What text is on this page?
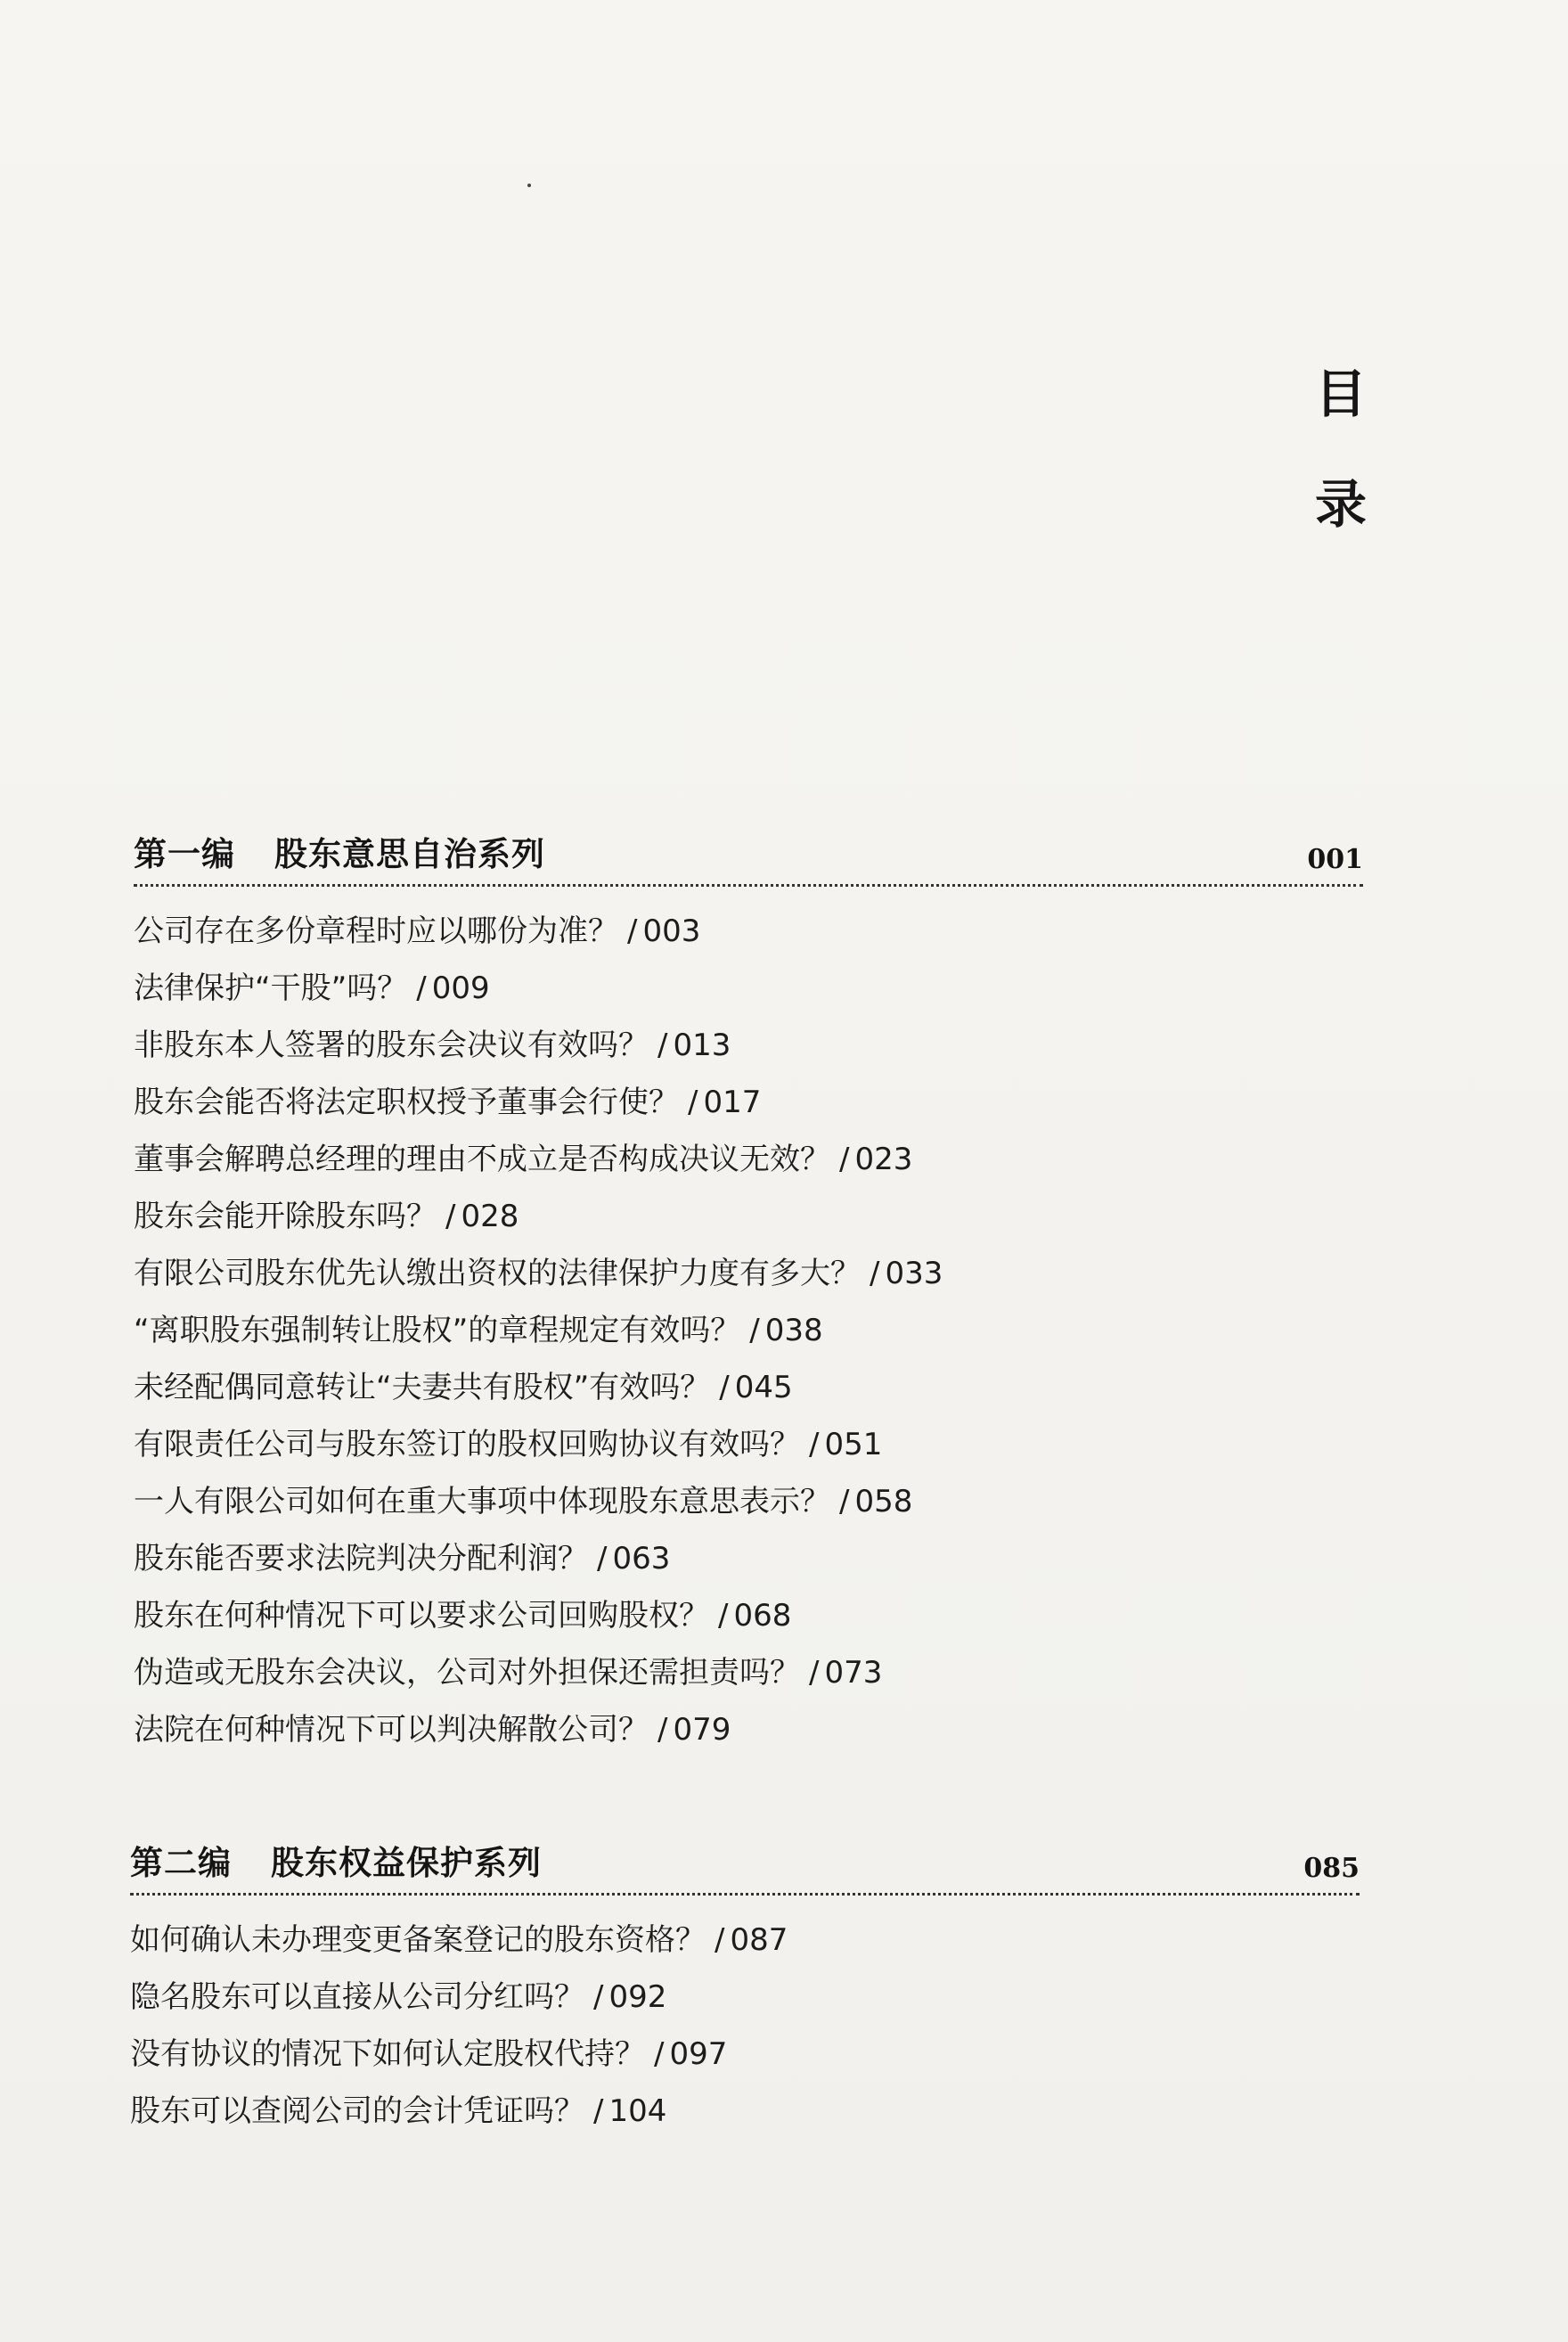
目
录
第一编 股东意思自治系列	001
公司存在多份章程时应以哪份为准？ / 003
法律保护“干股”吗？ / 009
非股东本人签署的股东会决议有效吗？ / 013
股东会能否将法定职权授予董事会行使？ / 017
董事会解聘总经理的理由不成立是否构成决议无效？ / 023
股东会能开除股东吗？ / 028
有限公司股东优先认缴出资权的法律保护力度有多大？ / 033
“离职股东强制转让股权”的章程规定有效吗？ / 038
未经配偶同意转让“夫妻共有股权”有效吗？ / 045
有限责任公司与股东签订的股权回购协议有效吗？ / 051
一人有限公司如何在重大事项中体现股东意思表示？ / 058
股东能否要求法院判决分配利润？ / 063
股东在何种情况下可以要求公司回购股权？ / 068
伪造或无股东会决议，公司对外担保还需担责吗？ / 073
法院在何种情况下可以判决解散公司？ / 079
第二编 股东权益保护系列	085
如何确认未办理变更备案登记的股东资格？ / 087
隐名股东可以直接从公司分红吗？ / 092
没有协议的情况下如何认定股权代持？ / 097
股东可以查阅公司的会计凭证吗？ / 104
